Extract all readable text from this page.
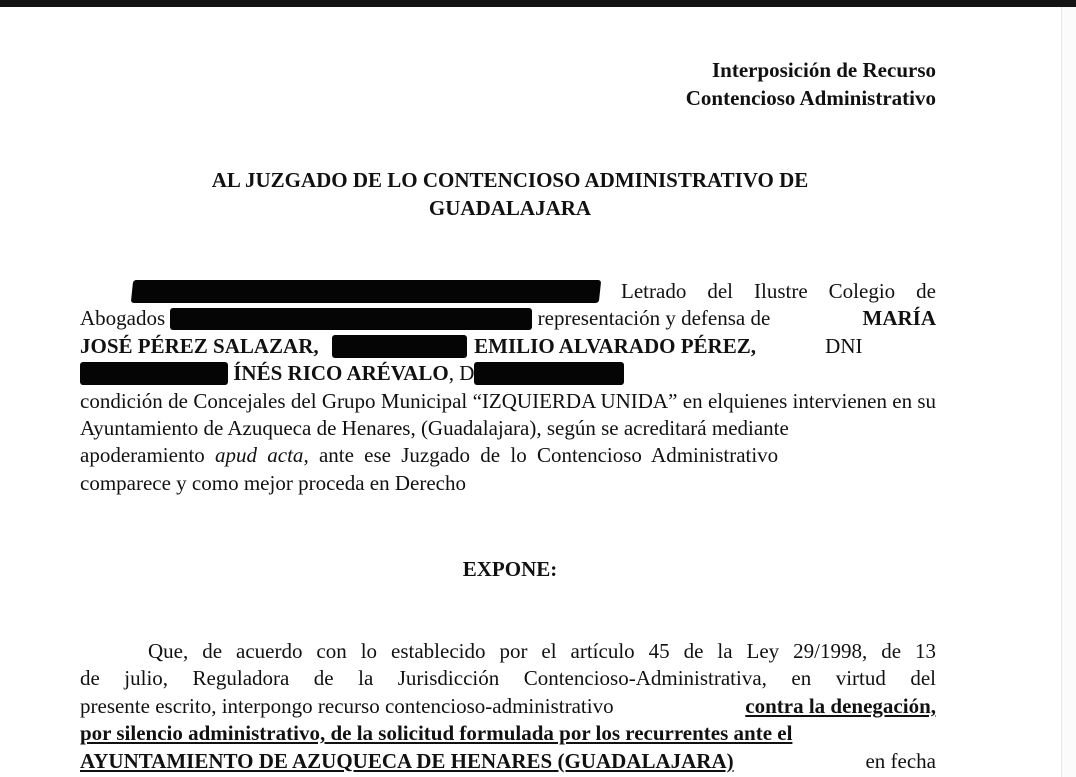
Interposición de Recurso
Contencioso Administrativo
AL JUZGADO DE LO CONTENCIOSO ADMINISTRATIVO DE GUADALAJARA
Letrado del Ilustre Colegio de
Abogados	representación y defensa de	MARÍA
JOSÉ PÉREZ SALAZAR,	EMILIO ALVARADO PÉREZ,	DNI
ÍNÉS RICO ARÉVALO, D
quienes intervienen en su
condición de Concejales del Grupo Municipal “IZQUIERDA UNIDA” en el
Ayuntamiento de Azuqueca de Henares, (Guadalajara), según se acreditará mediante
apoderamiento apud acta, ante ese Juzgado de lo Contencioso Administrativo
comparece y como mejor proceda en Derecho
EXPONE:
Que, de acuerdo con lo establecido por el artículo 45 de la Ley 29/1998, de 13
de julio, Reguladora de la Jurisdicción Contencioso-Administrativa, en virtud del
presente escrito, interpongo recurso contencioso-administrativo	contra la denegación,
por silencio administrativo, de la solicitud formulada por los recurrentes ante el
AYUNTAMIENTO DE AZUQUECA DE HENARES (GUADALAJARA)	en fecha
